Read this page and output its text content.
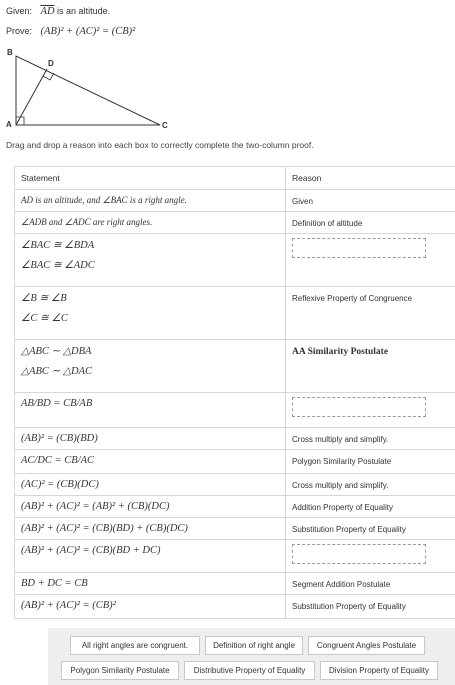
Given: $\overline{AD}$ is an altitude.
Prove: (AB)² + (AC)² = (CB)²
B
D
A	C
Drag and drop a reason into each box to correctly complete the two-column proof.
Statement	Reason

AD is an altitude, and ∠BAC is a right angle.	Given

∠ADB and ∠ADC are right angles.	Definition of altitude

∠BAC ≅ ∠BDA
∠BAC ≅ ∠ADC	

∠B ≅ ∠B
∠C ≅ ∠C	Reflexive Property of Congruence

△ABC ∼ △DBA
△ABC ∼ △DAC	AA Similarity Postulate

AB/BD = CB/AB	

(AB)² = (CB)(BD)	Cross multiply and simplify.

AC/DC = CB/AC	Polygon Similarity Postulate

(AC)² = (CB)(DC)	Cross multiply and simplify.

(AB)² + (AC)² = (AB)² + (CB)(DC)	Addition Property of Equality

(AB)² + (AC)² = (CB)(BD) + (CB)(DC)	Substitution Property of Equality

(AB)² + (AC)² = (CB)(BD + DC)	

BD + DC = CB	Segment Addition Postulate

(AB)² + (AC)² = (CB)²	Substitution Property of Equality
All right angles are congruent.	Definition of right angle	Congruent Angles Postulate
Polygon Similarity Postulate	Distributive Property of Equality	Division Property of Equality
